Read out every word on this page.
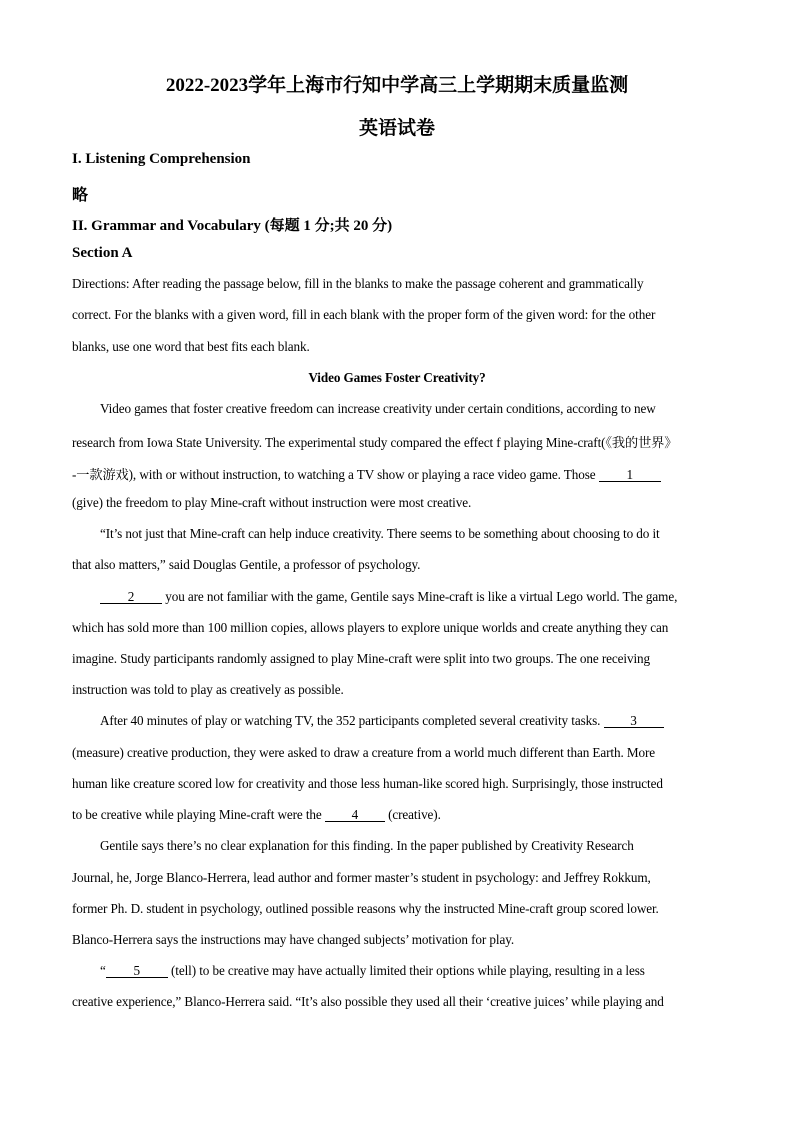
2022-2023学年上海市行知中学高三上学期期末质量监测
英语试卷
I. Listening Comprehension
略
II. Grammar and Vocabulary (每题 1 分;共 20 分)
Section A
Directions: After reading the passage below, fill in the blanks to make the passage coherent and grammatically
correct. For the blanks with a given word, fill in each blank with the proper form of the given word: for the other
blanks, use one word that best fits each blank.
Video Games Foster Creativity?
Video games that foster creative freedom can increase creativity under certain conditions, according to new
research from Iowa State University. The experimental study compared the effect f playing Mine-craft(《我的世界》
-一款游戏), with or without instruction, to watching a TV show or playing a race video game. Those 1
(give) the freedom to play Mine-craft without instruction were most creative.
“It’s not just that Mine-craft can help induce creativity. There seems to be something about choosing to do it
that also matters,” said Douglas Gentile, a professor of psychology.
2 you are not familiar with the game, Gentile says Mine-craft is like a virtual Lego world. The game,
which has sold more than 100 million copies, allows players to explore unique worlds and create anything they can
imagine. Study participants randomly assigned to play Mine-craft were split into two groups. The one receiving
instruction was told to play as creatively as possible.
After 40 minutes of play or watching TV, the 352 participants completed several creativity tasks. 3
(measure) creative production, they were asked to draw a creature from a world much different than Earth. More
human like creature scored low for creativity and those less human-like scored high. Surprisingly, those instructed
to be creative while playing Mine-craft were the 4 (creative).
Gentile says there’s no clear explanation for this finding. In the paper published by Creativity Research
Journal, he, Jorge Blanco-Herrera, lead author and former master’s student in psychology: and Jeffrey Rokkum,
former Ph. D. student in psychology, outlined possible reasons why the instructed Mine-craft group scored lower.
Blanco-Herrera says the instructions may have changed subjects’ motivation for play.
“ 5 (tell) to be creative may have actually limited their options while playing, resulting in a less
creative experience,” Blanco-Herrera said. “It’s also possible they used all their ‘creative juices’ while playing and
